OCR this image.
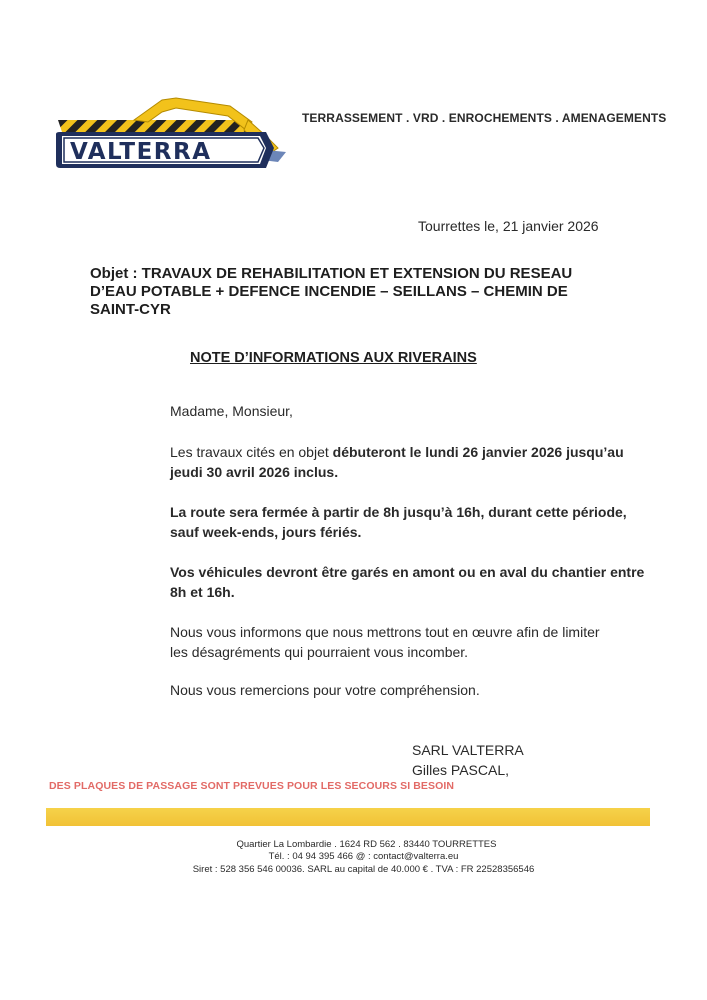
VALTERRA
TERRASSEMENT . VRD . ENROCHEMENTS . AMENAGEMENTS
Tourrettes le, 21 janvier 2026
Objet : TRAVAUX DE REHABILITATION ET EXTENSION DU RESEAU
D’EAU POTABLE + DEFENCE INCENDIE – SEILLANS – CHEMIN DE
SAINT-CYR
NOTE D’INFORMATIONS AUX RIVERAINS
Madame, Monsieur,
Les travaux cités en objet débuteront le lundi 26 janvier 2026 jusqu’au
jeudi 30 avril 2026 inclus.
La route sera fermée à partir de 8h jusqu’à 16h, durant cette période,
sauf week-ends, jours fériés.
Vos véhicules devront être garés en amont ou en aval du chantier entre
8h et 16h.
Nous vous informons que nous mettrons tout en œuvre afin de limiter
les désagréments qui pourraient vous incomber.
Nous vous remercions pour votre compréhension.
SARL VALTERRA
Gilles PASCAL,
DES PLAQUES DE PASSAGE SONT PREVUES POUR LES SECOURS SI BESOIN
Quartier La Lombardie . 1624 RD 562 . 83440 TOURRETTES
Tél. : 04 94 395 466 @ : contact@valterra.eu
Siret : 528 356 546 00036. SARL au capital de 40.000 € . TVA : FR 22528356546
